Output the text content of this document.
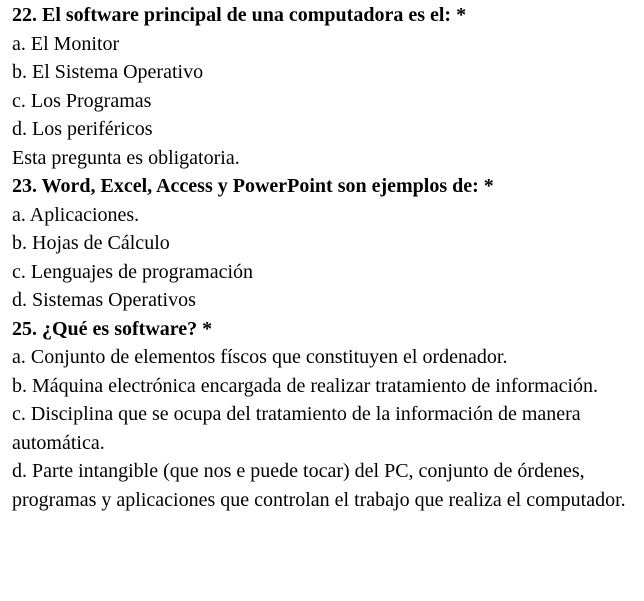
22. El software principal de una computadora es el: *
a. El Monitor
b. El Sistema Operativo
c. Los Programas
d. Los periféricos
Esta pregunta es obligatoria.
23. Word, Excel, Access y PowerPoint son ejemplos de: *
a. Aplicaciones.
b. Hojas de Cálculo
c. Lenguajes de programación
d. Sistemas Operativos
25. ¿Qué es software? *
a. Conjunto de elementos físcos que constituyen el ordenador.
b. Máquina electrónica encargada de realizar tratamiento de información.
c. Disciplina que se ocupa del tratamiento de la información de manera automática.
d. Parte intangible (que nos e puede tocar) del PC, conjunto de órdenes, programas y aplicaciones que controlan el trabajo que realiza el computador.
